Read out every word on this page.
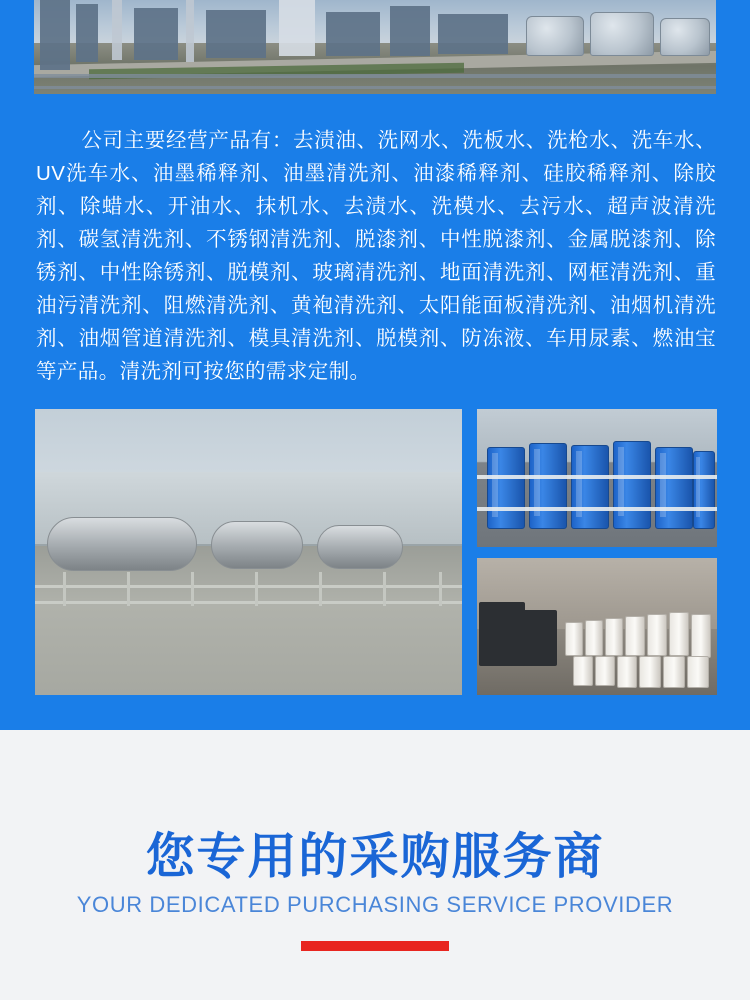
公司主要经营产品有：去渍油、洗网水、洗板水、洗枪水、洗车水、UV洗车水、油墨稀释剂、油墨清洗剂、油漆稀释剂、硅胶稀释剂、除胶剂、除蜡水、开油水、抹机水、去渍水、洗模水、去污水、超声波清洗剂、碳氢清洗剂、不锈钢清洗剂、脱漆剂、中性脱漆剂、金属脱漆剂、除锈剂、中性除锈剂、脱模剂、玻璃清洗剂、地面清洗剂、网框清洗剂、重油污清洗剂、阻燃清洗剂、黄袍清洗剂、太阳能面板清洗剂、油烟机清洗剂、油烟管道清洗剂、模具清洗剂、脱模剂、防冻液、车用尿素、燃油宝等产品。清洗剂可按您的需求定制。
您专用的采购服务商
YOUR DEDICATED PURCHASING SERVICE PROVIDER
